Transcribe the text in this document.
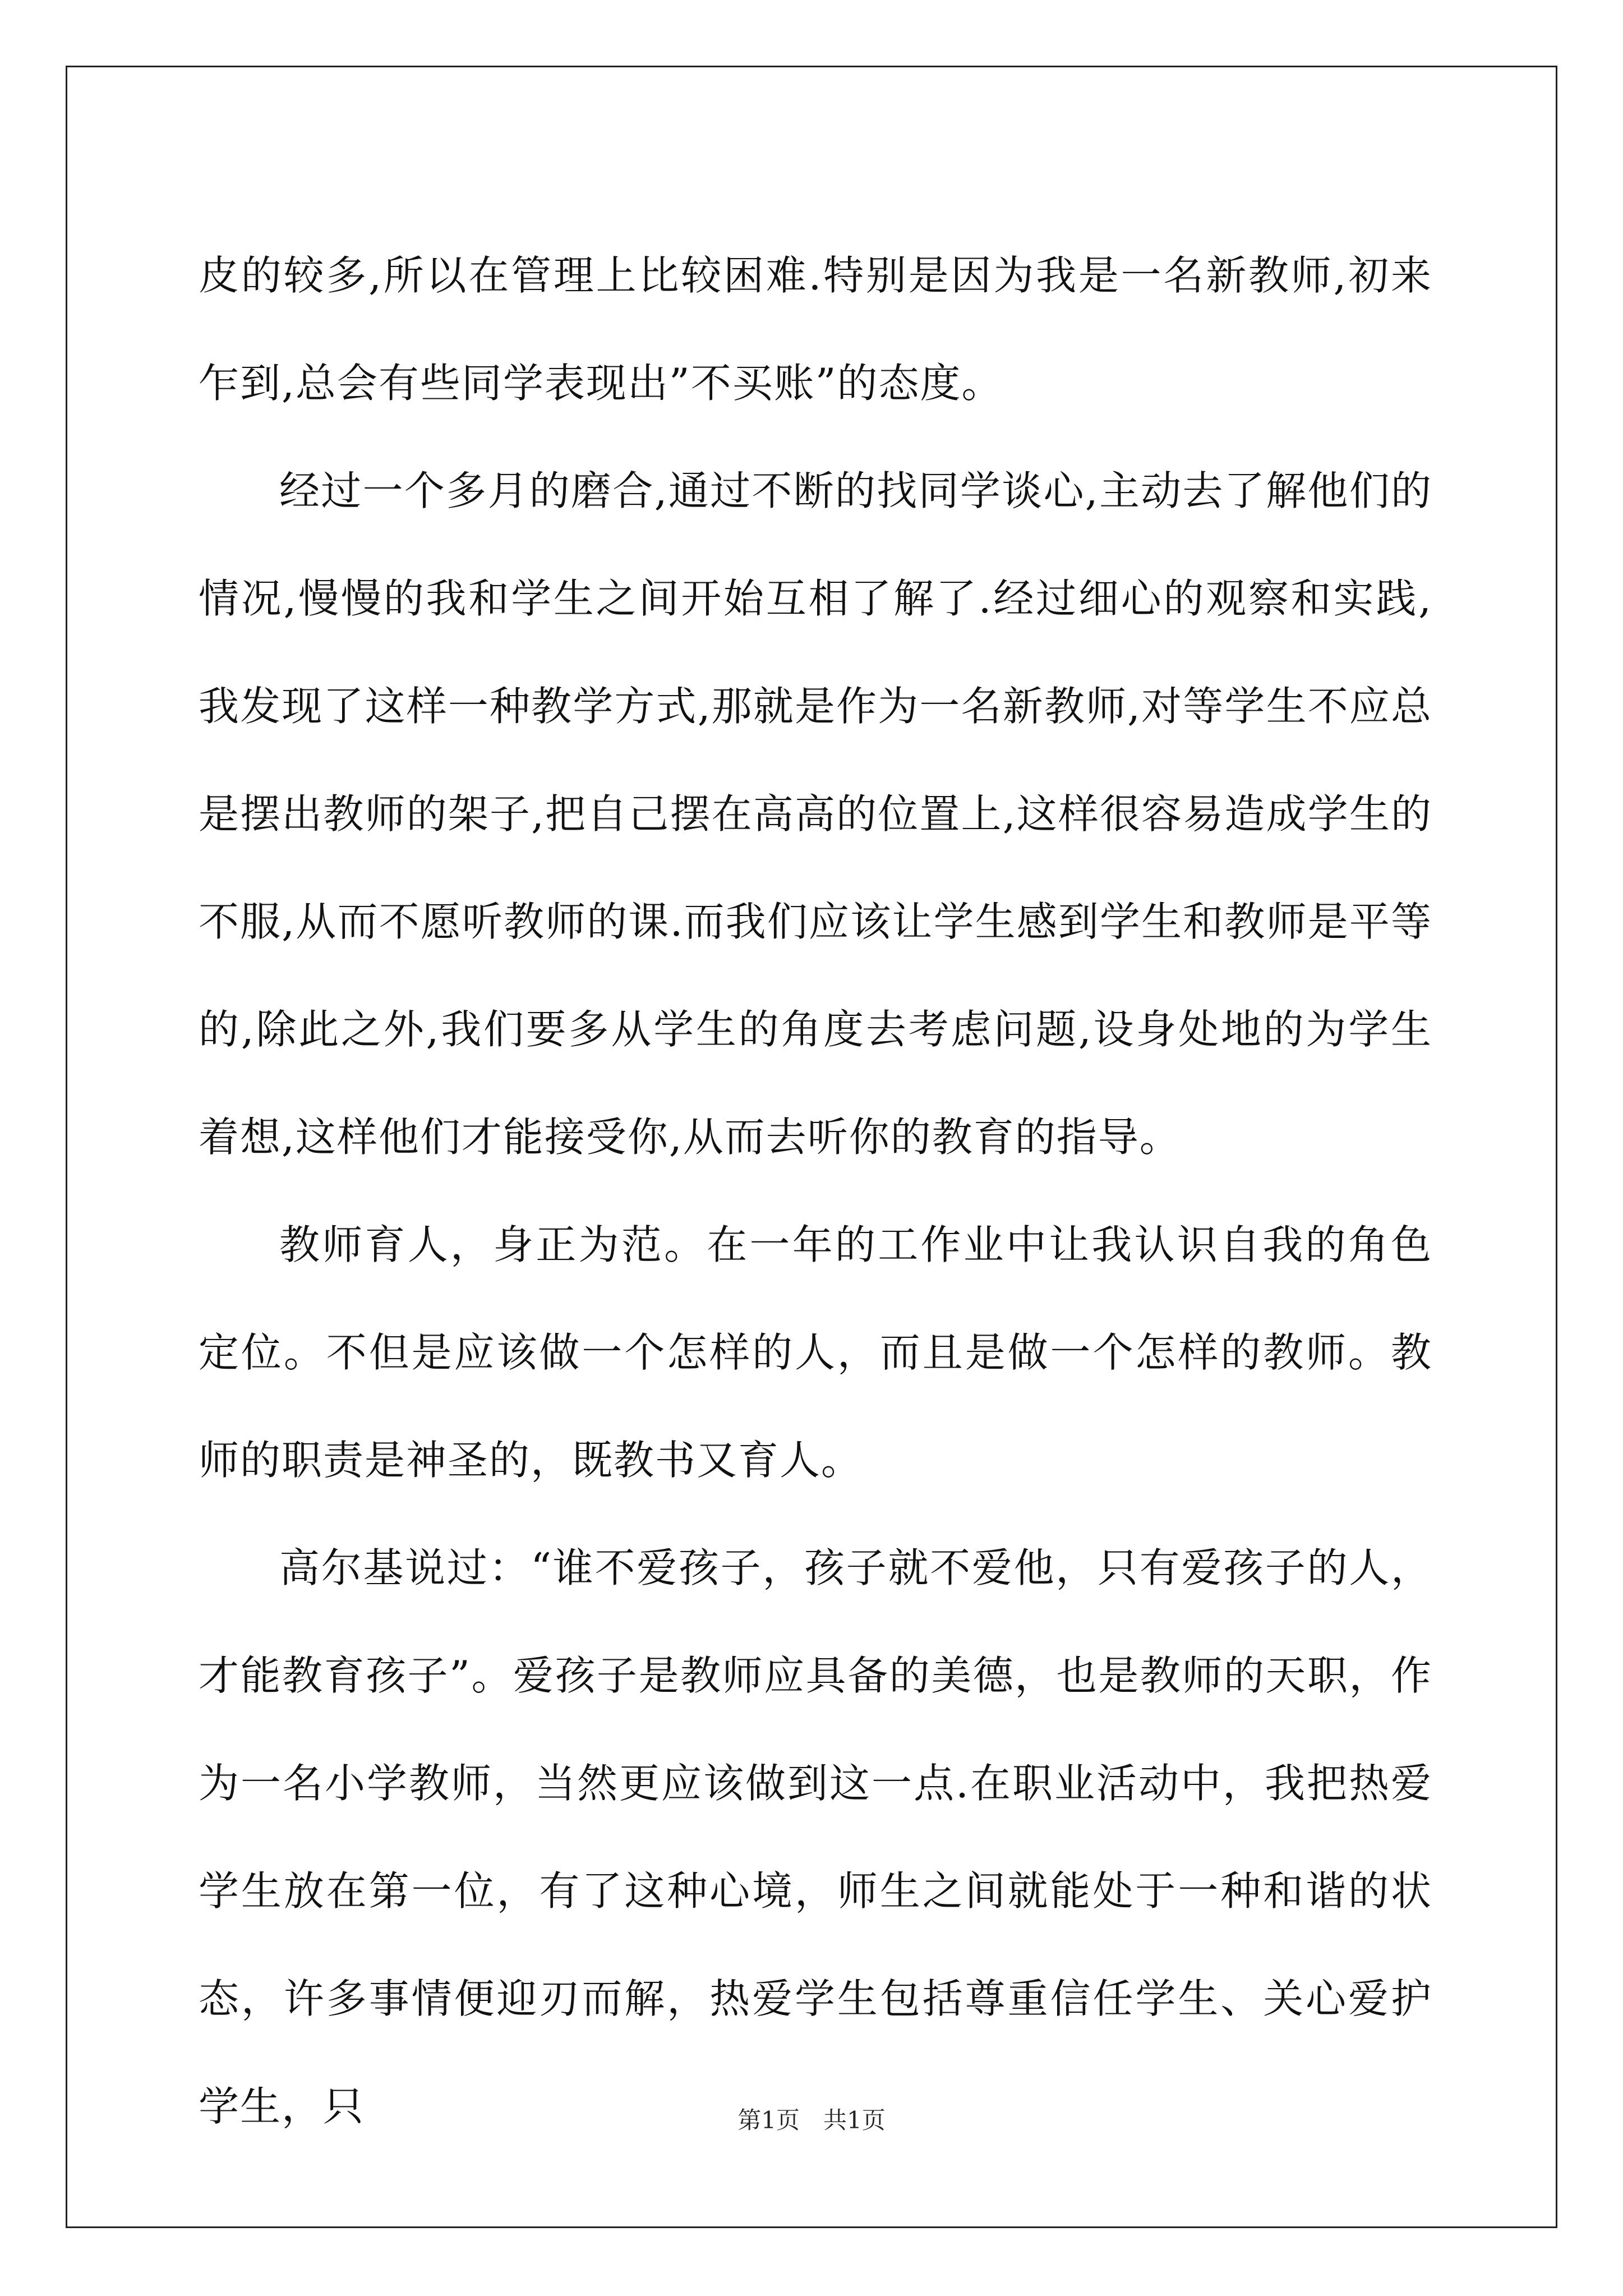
皮的较多,所以在管理上比较困难.特别是因为我是一名新教师,初来乍到,总会有些同学表现出”不买账”的态度。

经过一个多月的磨合,通过不断的找同学谈心,主动去了解他们的情况,慢慢的我和学生之间开始互相了解了.经过细心的观察和实践,我发现了这样一种教学方式,那就是作为一名新教师,对等学生不应总是摆出教师的架子,把自己摆在高高的位置上,这样很容易造成学生的不服,从而不愿听教师的课.而我们应该让学生感到学生和教师是平等的,除此之外,我们要多从学生的角度去考虑问题,设身处地的为学生着想,这样他们才能接受你,从而去听你的教育的指导。

教师育人，身正为范。在一年的工作业中让我认识自我的角色定位。不但是应该做一个怎样的人，而且是做一个怎样的教师。教师的职责是神圣的，既教书又育人。

高尔基说过：“谁不爱孩子，孩子就不爱他，只有爱孩子的人，才能教育孩子”。爱孩子是教师应具备的美德，也是教师的天职，作为一名小学教师，当然更应该做到这一点.在职业活动中，我把热爱学生放在第一位，有了这种心境，师生之间就能处于一种和谐的状态，许多事情便迎刃而解，热爱学生包括尊重信任学生、关心爱护学生，只	第1页　共1页
